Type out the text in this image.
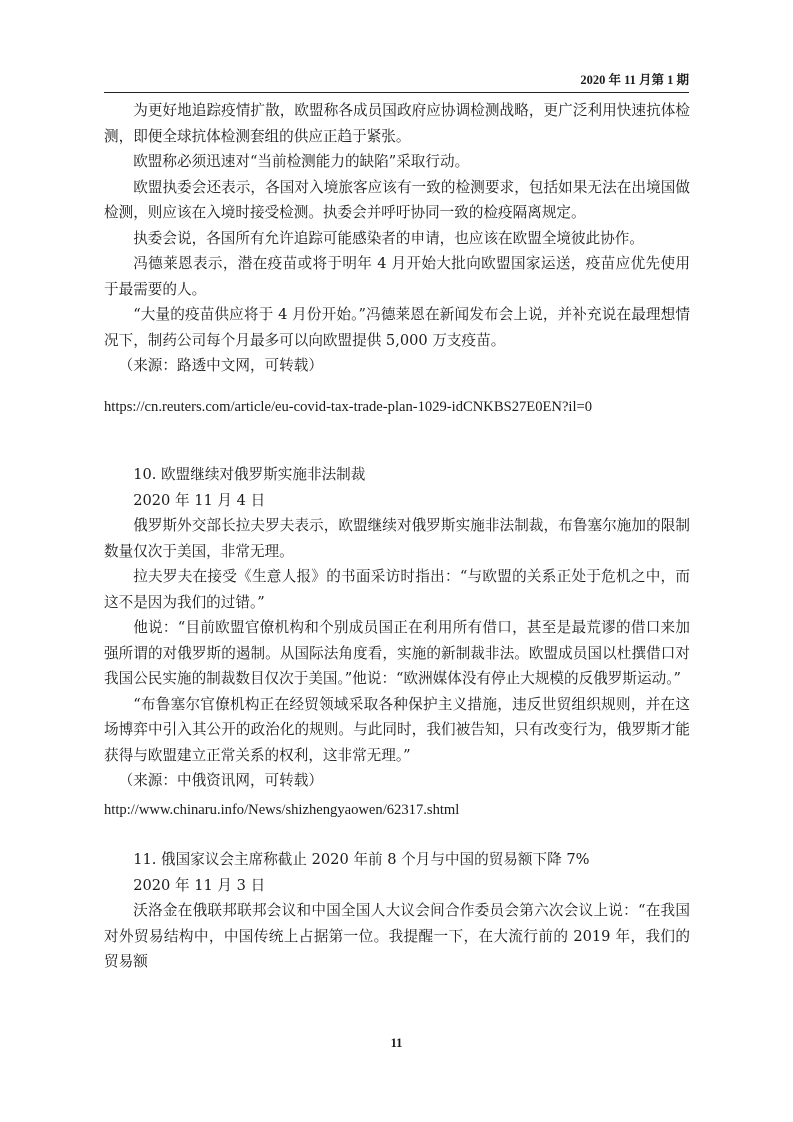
2020 年 11 月第 1 期

为更好地追踪疫情扩散，欧盟称各成员国政府应协调检测战略，更广泛利用快速抗体检测，即便全球抗体检测套组的供应正趋于紧张。

欧盟称必须迅速对“当前检测能力的缺陷”采取行动。

欧盟执委会还表示，各国对入境旅客应该有一致的检测要求，包括如果无法在出境国做检测，则应该在入境时接受检测。执委会并呼吁协同一致的检疫隔离规定。

执委会说，各国所有允许追踪可能感染者的申请，也应该在欧盟全境彼此协作。

冯德莱恩表示，潜在疫苗或将于明年 4 月开始大批向欧盟国家运送，疫苗应优先使用于最需要的人。

“大量的疫苗供应将于 4 月份开始。”冯德莱恩在新闻发布会上说，并补充说在最理想情况下，制药公司每个月最多可以向欧盟提供 5,000 万支疫苗。

（来源：路透中文网，可转载）

https://cn.reuters.com/article/eu-covid-tax-trade-plan-1029-idCNKBS27E0EN?il=0

10. 欧盟继续对俄罗斯实施非法制裁

2020 年 11 月 4 日

俄罗斯外交部长拉夫罗夫表示，欧盟继续对俄罗斯实施非法制裁，布鲁塞尔施加的限制数量仅次于美国，非常无理。

拉夫罗夫在接受《生意人报》的书面采访时指出：“与欧盟的关系正处于危机之中，而这不是因为我们的过错。”

他说：“目前欧盟官僚机构和个别成员国正在利用所有借口，甚至是最荒谬的借口来加强所谓的对俄罗斯的遏制。从国际法角度看，实施的新制裁非法。欧盟成员国以杜撰借口对我国公民实施的制裁数目仅次于美国。”他说：“欧洲媒体没有停止大规模的反俄罗斯运动。”

“布鲁塞尔官僚机构正在经贸领域采取各种保护主义措施，违反世贸组织规则，并在这场博弈中引入其公开的政治化的规则。与此同时，我们被告知，只有改变行为，俄罗斯才能获得与欧盟建立正常关系的权利，这非常无理。”

（来源：中俄资讯网，可转载）

http://www.chinaru.info/News/shizhengyaowen/62317.shtml

11. 俄国家议会主席称截止 2020 年前 8 个月与中国的贸易额下降 7%

2020 年 11 月 3 日

沃洛金在俄联邦联邦会议和中国全国人大议会间合作委员会第六次会议上说：“在我国对外贸易结构中，中国传统上占据第一位。我提醒一下，在大流行前的 2019 年，我们的贸易额

11
